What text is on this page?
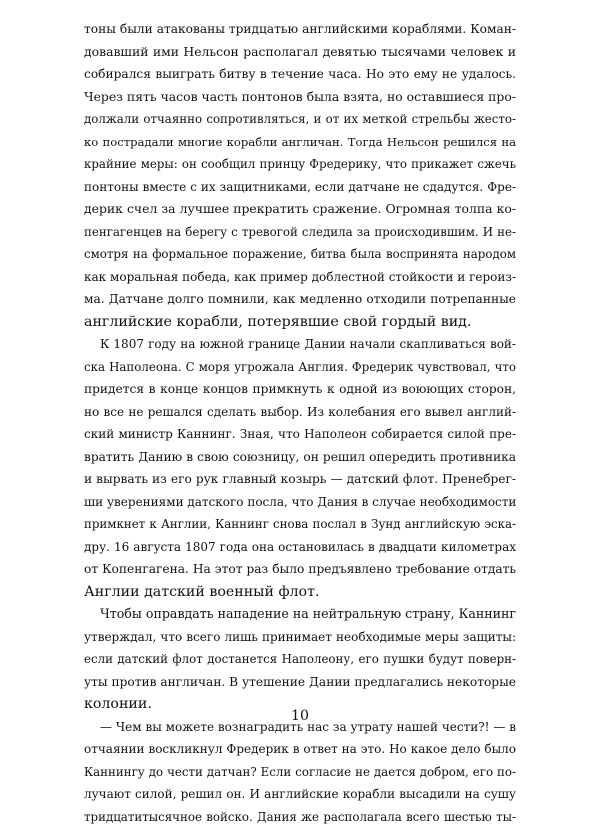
тоны были атакованы тридцатью английскими кораблями. Коман-
довавший ими Нельсон располагал девятью тысячами человек и
собирался выиграть битву в течение часа. Но это ему не удалось.
Через пять часов часть понтонов была взята, но оставшиеся про-
должали отчаянно сопротивляться, и от их меткой стрельбы жесто-
ко пострадали многие корабли англичан. Тогда Нельсон решился на
крайние меры: он сообщил принцу Фредерику, что прикажет сжечь
понтоны вместе с их защитниками, если датчане не сдадутся. Фре-
дерик счел за лучшее прекратить сражение. Огромная толпа ко-
пенгагенцев на берегу с тревогой следила за происходившим. И не-
смотря на формальное поражение, битва была воспринята народом
как моральная победа, как пример доблестной стойкости и героиз-
ма. Датчане долго помнили, как медленно отходили потрепанные
английские корабли, потерявшие свой гордый вид.
К 1807 году на южной границе Дании начали скапливаться вой-
ска Наполеона. С моря угрожала Англия. Фредерик чувствовал, что
придется в конце концов примкнуть к одной из воюющих сторон,
но все не решался сделать выбор. Из колебания его вывел англий-
ский министр Каннинг. Зная, что Наполеон собирается силой пре-
вратить Данию в свою союзницу, он решил опередить противника
и вырвать из его рук главный козырь — датский флот. Пренебрег-
ши уверениями датского посла, что Дания в случае необходимости
примкнет к Англии, Каннинг снова послал в Зунд английскую эска-
дру. 16 августа 1807 года она остановилась в двадцати километрах
от Копенгагена. На этот раз было предъявлено требование отдать
Англии датский военный флот.
Чтобы оправдать нападение на нейтральную страну, Каннинг
утверждал, что всего лишь принимает необходимые меры защиты:
если датский флот достанется Наполеону, его пушки будут поверн-
уты против англичан. В утешение Дании предлагались некоторые
колонии.
— Чем вы можете вознаградить нас за утрату нашей чести?! — в
отчаянии воскликнул Фредерик в ответ на это. Но какое дело было
Каннингу до чести датчан? Если согласие не дается добром, его по-
лучают силой, решил он. И английские корабли высадили на сушу
тридцатитысячное войско. Дания же располагала всего шестью ты-
10
